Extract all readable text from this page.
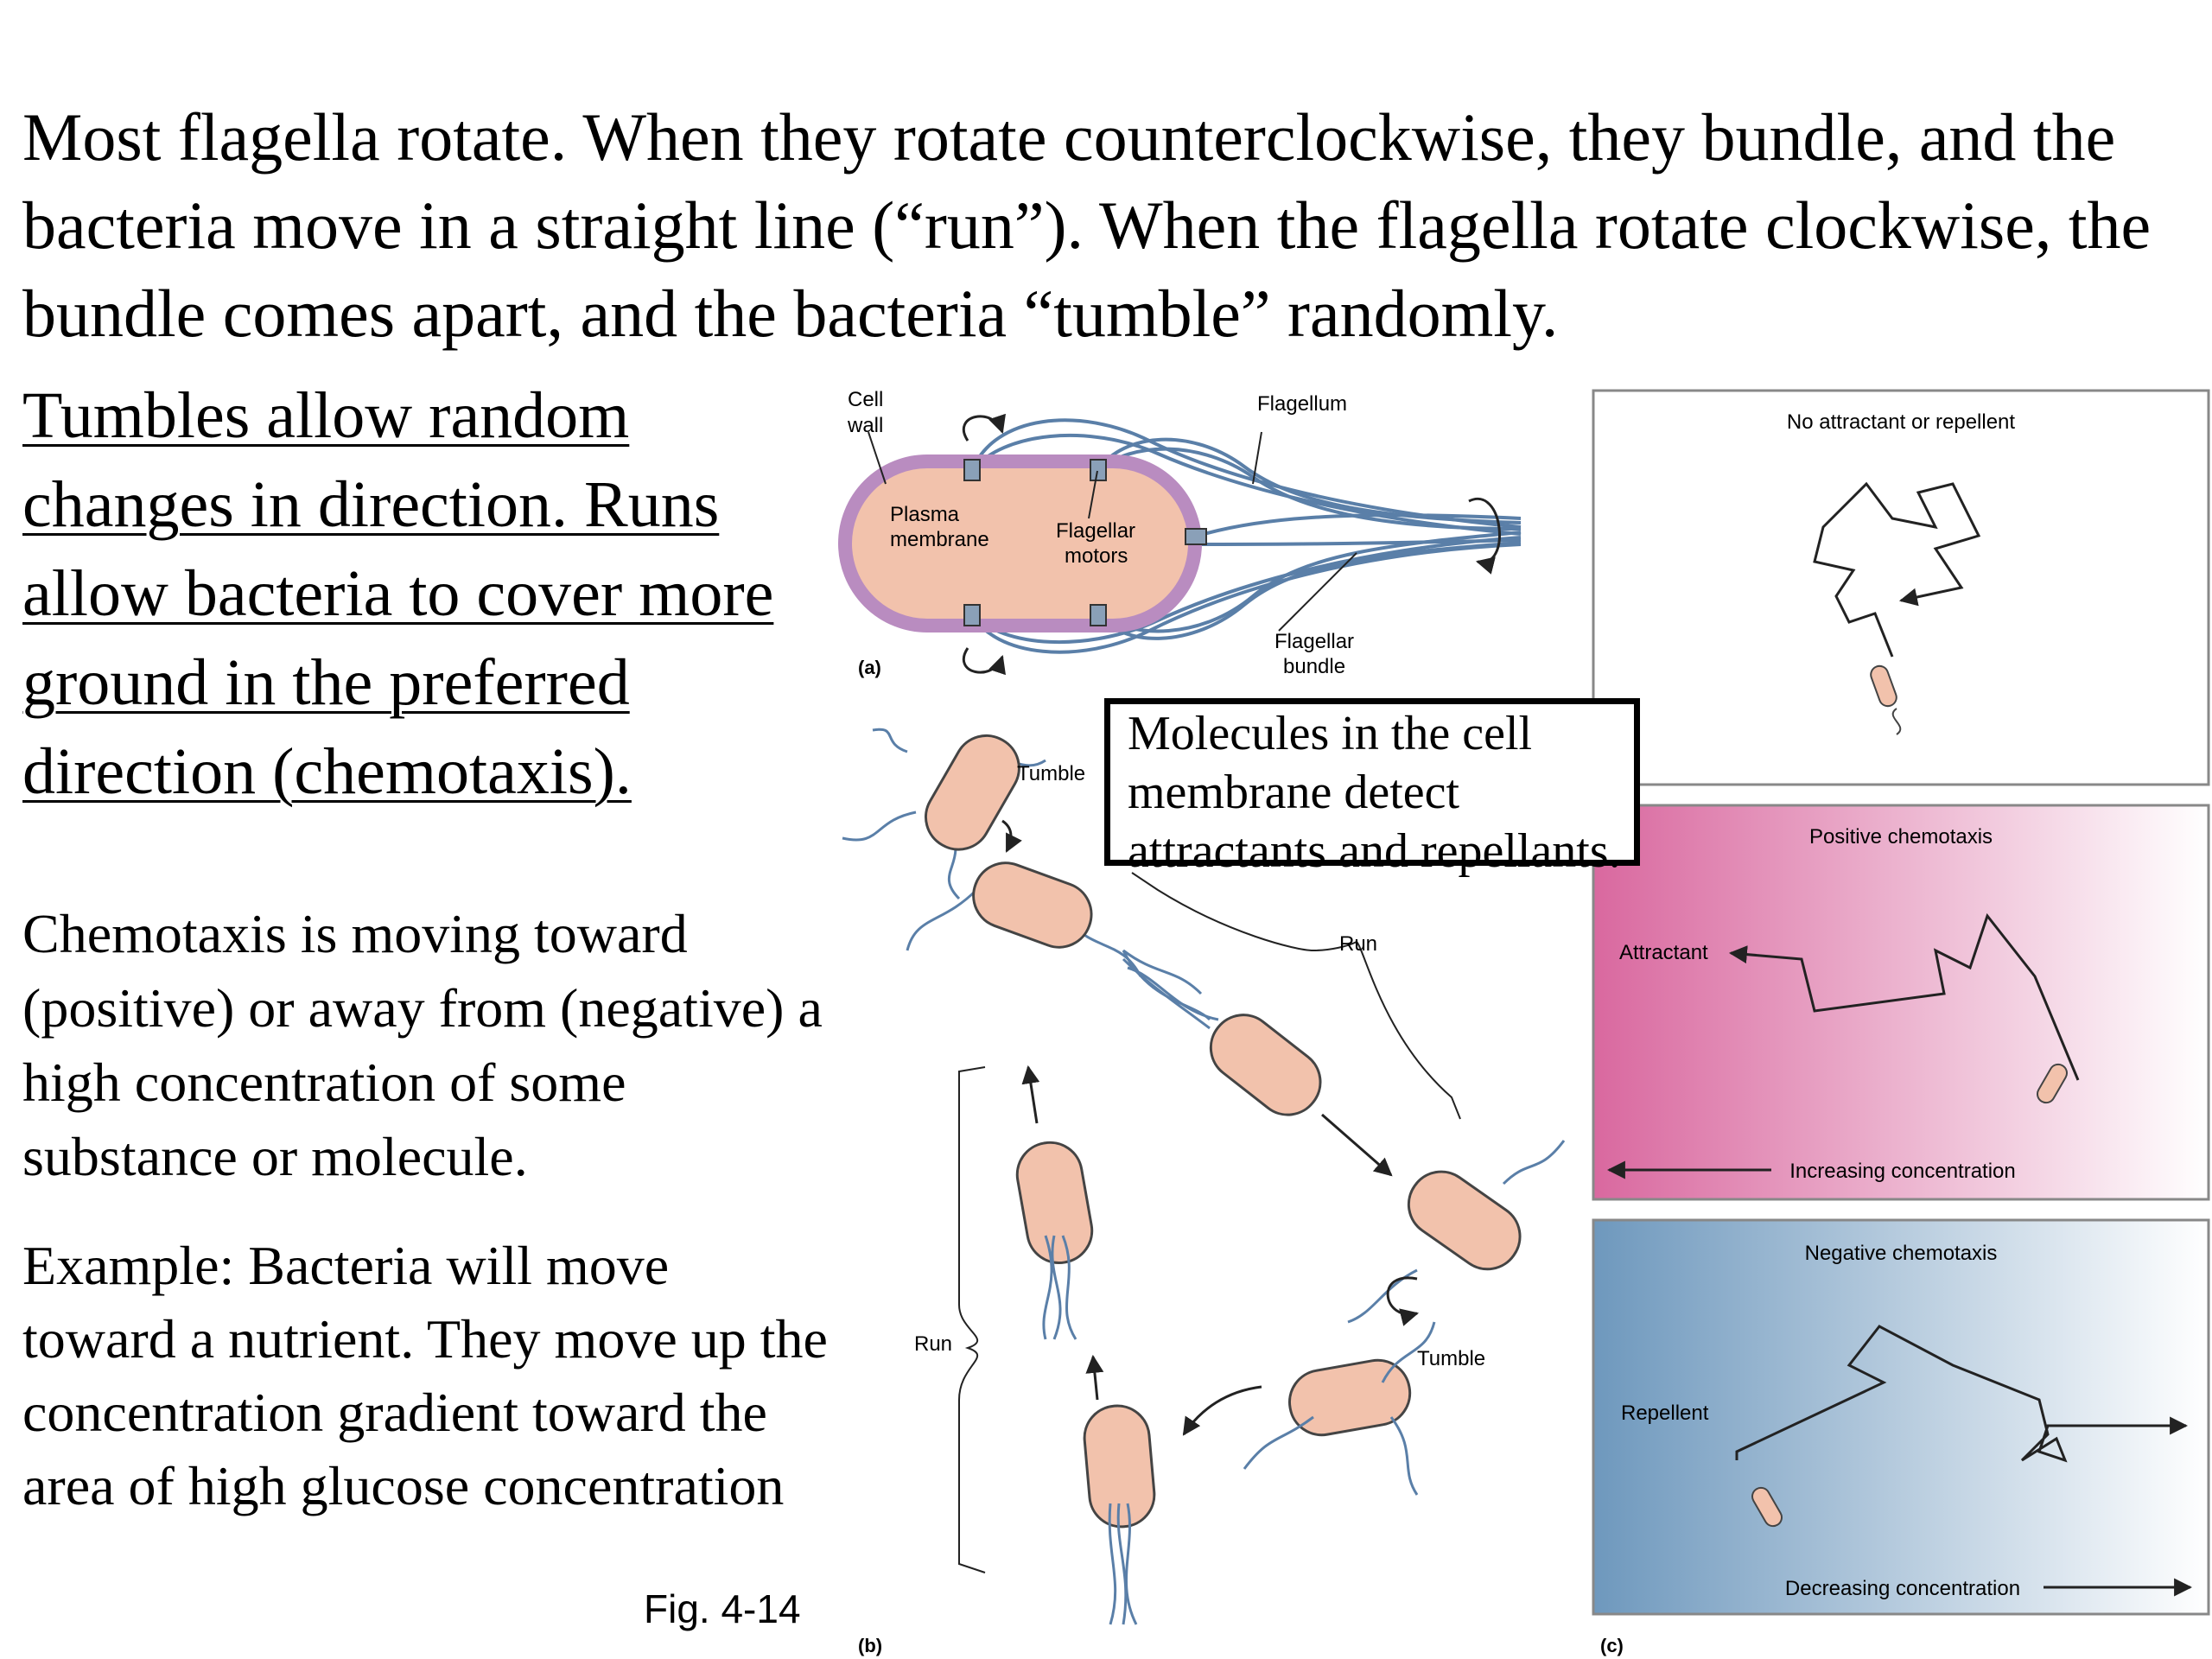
Most flagella rotate. When they rotate counterclockwise, they bundle, and the bacteria move in a straight line (“run”). When the flagella rotate clockwise, the bundle comes apart, and the bacteria “tumble” randomly.

Tumbles allow random changes in direction. Runs allow bacteria to cover more ground in the preferred direction (chemotaxis).

Chemotaxis is moving toward (positive) or away from (negative) a high concentration of some substance or molecule.

Example: Bacteria will move toward a nutrient. They move up the concentration gradient toward the area of high glucose concentration

Fig. 4-14
Cell
wall
Plasma
membrane	Flagellar
motors
Flagellum
Flagellar
bundle
(a)
Tumble
Run
Run
Tumble
(b)
No attractant or repellent
Positive chemotaxis
Attractant
Increasing concentration
Negative chemotaxis
Repellent
Decreasing concentration
(c)
Molecules in the cell
membrane detect
attractants and repellants.
